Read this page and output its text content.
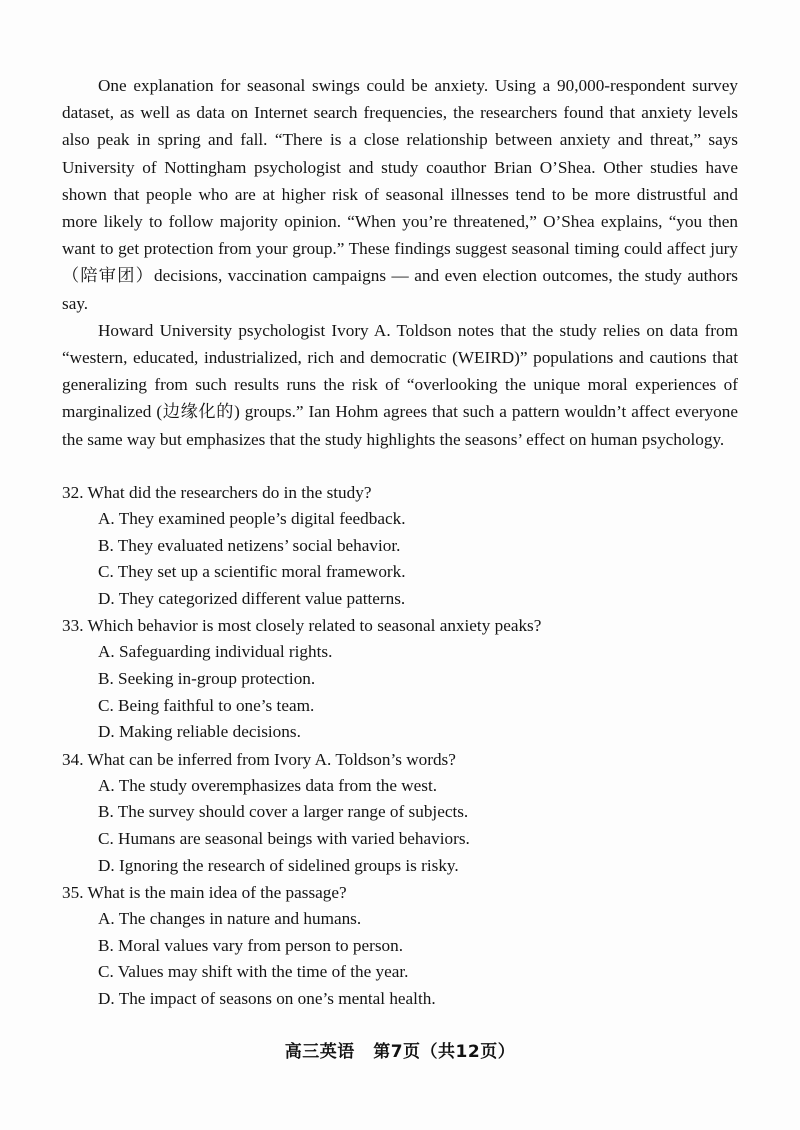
One explanation for seasonal swings could be anxiety. Using a 90,000-respondent survey dataset, as well as data on Internet search frequencies, the researchers found that anxiety levels also peak in spring and fall. “There is a close relationship between anxiety and threat,” says University of Nottingham psychologist and study coauthor Brian O’Shea. Other studies have shown that people who are at higher risk of seasonal illnesses tend to be more distrustful and more likely to follow majority opinion. “When you’re threatened,” O’Shea explains, “you then want to get protection from your group.” These findings suggest seasonal timing could affect jury（陪审团）decisions, vaccination campaigns — and even election outcomes, the study authors say.

Howard University psychologist Ivory A. Toldson notes that the study relies on data from “western, educated, industrialized, rich and democratic (WEIRD)” populations and cautions that generalizing from such results runs the risk of “overlooking the unique moral experiences of marginalized (边缘化的) groups.” Ian Hohm agrees that such a pattern wouldn’t affect everyone the same way but emphasizes that the study highlights the seasons’ effect on human psychology.

32. What did the researchers do in the study?

A. They examined people’s digital feedback.

B. They evaluated netizens’ social behavior.

C. They set up a scientific moral framework.

D. They categorized different value patterns.

33. Which behavior is most closely related to seasonal anxiety peaks?

A. Safeguarding individual rights.

B. Seeking in-group protection.

C. Being faithful to one’s team.

D. Making reliable decisions.

34. What can be inferred from Ivory A. Toldson’s words?

A. The study overemphasizes data from the west.

B. The survey should cover a larger range of subjects.

C. Humans are seasonal beings with varied behaviors.

D. Ignoring the research of sidelined groups is risky.

35. What is the main idea of the passage?

A. The changes in nature and humans.

B. Moral values vary from person to person.

C. Values may shift with the time of the year.

D. The impact of seasons on one’s mental health.

高三英语 第7页（共12页）
